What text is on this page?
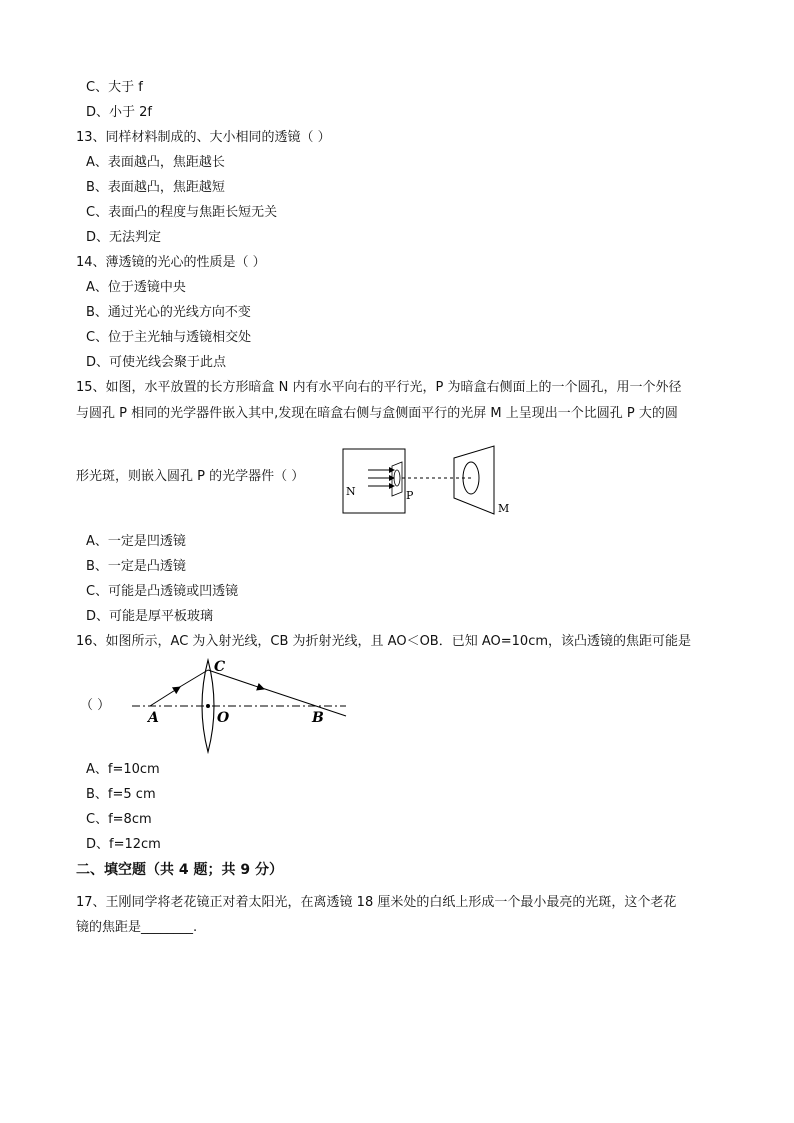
C、大于 f
D、小于 2f
13、同样材料制成的、大小相同的透镜（ ）
A、表面越凸，焦距越长
B、表面越凸，焦距越短
C、表面凸的程度与焦距长短无关
D、无法判定
14、薄透镜的光心的性质是（ ）
A、位于透镜中央
B、通过光心的光线方向不变
C、位于主光轴与透镜相交处
D、可使光线会聚于此点
15、如图，水平放置的长方形暗盒 N 内有水平向右的平行光，P 为暗盒右侧面上的一个圆孔，用一个外径
与圆孔 P 相同的光学器件嵌入其中,发现在暗盒右侧与盒侧面平行的光屏 M 上呈现出一个比圆孔 P 大的圆
形光斑，则嵌入圆孔 P 的光学器件（ ）
N	P
M
A、一定是凹透镜
B、一定是凸透镜
C、可能是凸透镜或凹透镜
D、可能是厚平板玻璃
16、如图所示，AC 为入射光线，CB 为折射光线，且 AO＜OB．已知 AO=10cm，该凸透镜的焦距可能是
（ ）
A	O	B
C
A、f=10cm
B、f=5 cm
C、f=8cm
D、f=12cm
二、填空题（共 4 题；共 9 分）
17、王刚同学将老花镜正对着太阳光，在离透镜 18 厘米处的白纸上形成一个最小最亮的光斑，这个老花
镜的焦距是________.
